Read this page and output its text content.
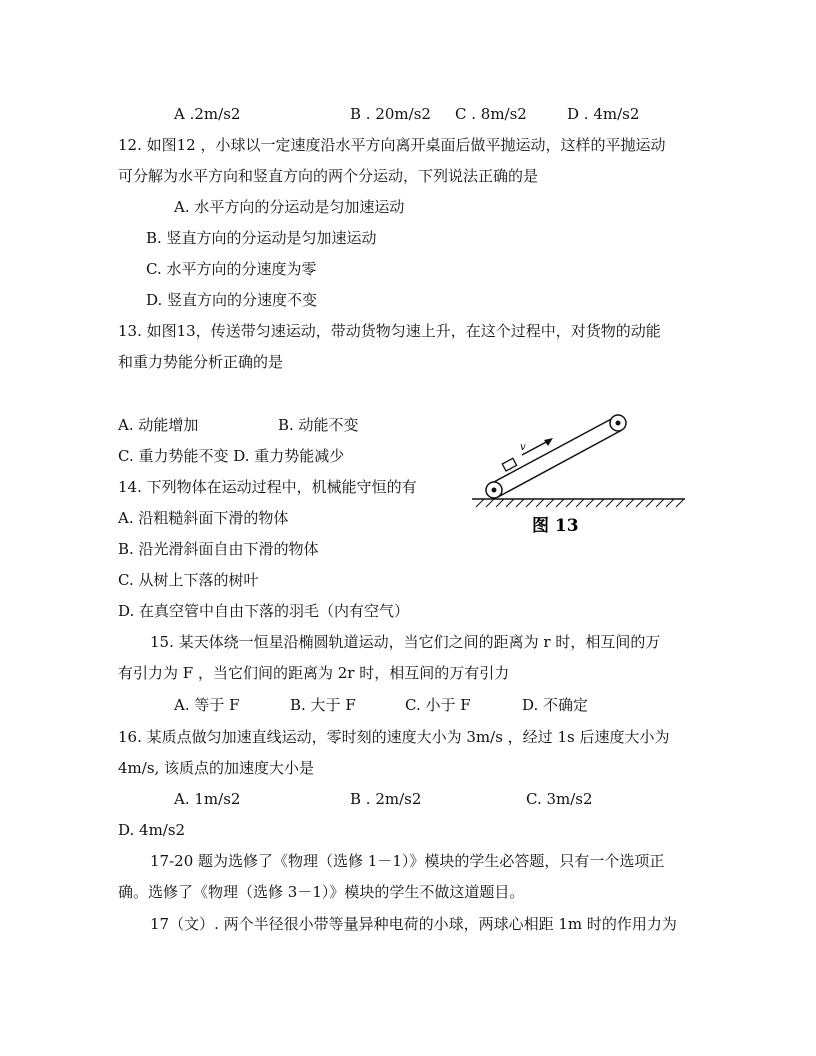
A .2m/s2	B . 20m/s2 C . 8m/s2	D . 4m/s2
12. 如图12 ，小球以一定速度沿水平方向离开桌面后做平抛运动，这样的平抛运动
可分解为水平方向和竖直方向的两个分运动，下列说法正确的是
A. 水平方向的分运动是匀加速运动
B. 竖直方向的分运动是匀加速运动
C. 水平方向的分速度为零
D. 竖直方向的分速度不变
13. 如图13，传送带匀速运动，带动货物匀速上升，在这个过程中，对货物的动能
和重力势能分析正确的是
A. 动能增加	B. 动能不变
C. 重力势能不变 D. 重力势能减少	v
图 13
14. 下列物体在运动过程中，机械能守恒的有
A. 沿粗糙斜面下滑的物体
B. 沿光滑斜面自由下滑的物体
C. 从树上下落的树叶
D. 在真空管中自由下落的羽毛（内有空气）
15. 某天体绕一恒星沿椭圆轨道运动，当它们之间的距离为 r 时，相互间的万
有引力为 F ，当它们间的距离为 2r 时，相互间的万有引力
A. 等于 F	B. 大于 F	C. 小于 F	D. 不确定
16. 某质点做匀加速直线运动，零时刻的速度大小为 3m/s ，经过 1s 后速度大小为
4m/s, 该质点的加速度大小是
A. 1m/s2	B . 2m/s2	C. 3m/s2
D. 4m/s2
17-20 题为选修了《物理（选修 1－1）》模块的学生必答题，只有一个选项正
确。选修了《物理（选修 3－1）》模块的学生不做这道题目。
17（文）. 两个半径很小带等量异种电荷的小球，两球心相距 1m 时的作用力为
